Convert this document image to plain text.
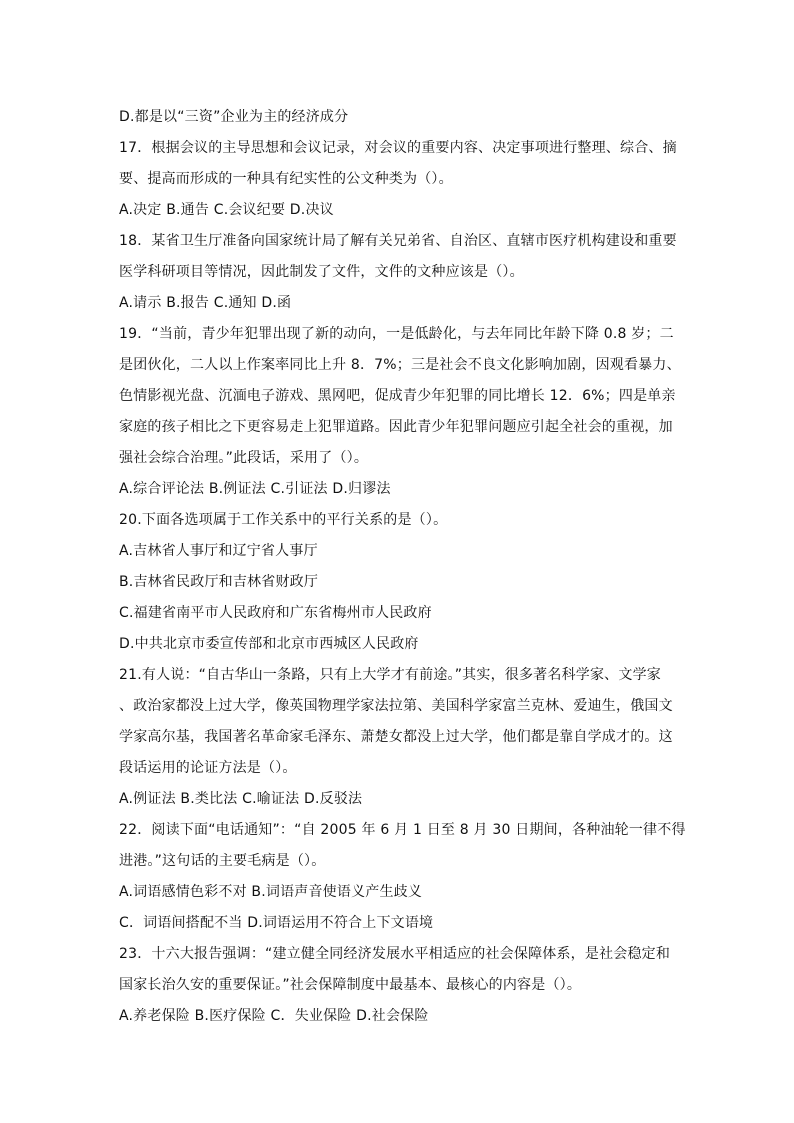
D.都是以“三资”企业为主的经济成分
17．根据会议的主导思想和会议记录，对会议的重要内容、决定事项进行整理、综合、摘
要、提高而形成的一种具有纪实性的公文种类为（）。
A.决定 B.通告 C.会议纪要 D.决议
18．某省卫生厅准备向国家统计局了解有关兄弟省、自治区、直辖市医疗机构建设和重要
医学科研项目等情况，因此制发了文件，文件的文种应该是（）。
A.请示 B.报告 C.通知 D.函
19．“当前，青少年犯罪出现了新的动向，一是低龄化，与去年同比年龄下降 0.8 岁；二
是团伙化，二人以上作案率同比上升 8．7%；三是社会不良文化影响加剧，因观看暴力、
色情影视光盘、沉湎电子游戏、黑网吧，促成青少年犯罪的同比增长 12．6%；四是单亲
家庭的孩子相比之下更容易走上犯罪道路。因此青少年犯罪问题应引起全社会的重视，加
强社会综合治理。”此段话，采用了（）。
A.综合评论法 B.例证法 C.引证法 D.归谬法
20.下面各选项属于工作关系中的平行关系的是（）。
A.吉林省人事厅和辽宁省人事厅
B.吉林省民政厅和吉林省财政厅
C.福建省南平市人民政府和广东省梅州市人民政府
D.中共北京市委宣传部和北京市西城区人民政府
21.有人说：“自古华山一条路，只有上大学才有前途。”其实，很多著名科学家、文学家
、政治家都没上过大学，像英国物理学家法拉第、美国科学家富兰克林、爱迪生，俄国文
学家高尔基，我国著名革命家毛泽东、萧楚女都没上过大学，他们都是靠自学成才的。这
段话运用的论证方法是（）。
A.例证法 B.类比法 C.喻证法 D.反驳法
22．阅读下面“电话通知”：“自 2005 年 6 月 1 日至 8 月 30 日期间，各种油轮一律不得
进港。”这句话的主要毛病是（）。
A.词语感情色彩不对 B.词语声音使语义产生歧义
C．词语间搭配不当 D.词语运用不符合上下文语境
23．十六大报告强调：“建立健全同经济发展水平相适应的社会保障体系，是社会稳定和
国家长治久安的重要保证。”社会保障制度中最基本、最核心的内容是（）。
A.养老保险 B.医疗保险 C．失业保险 D.社会保险
